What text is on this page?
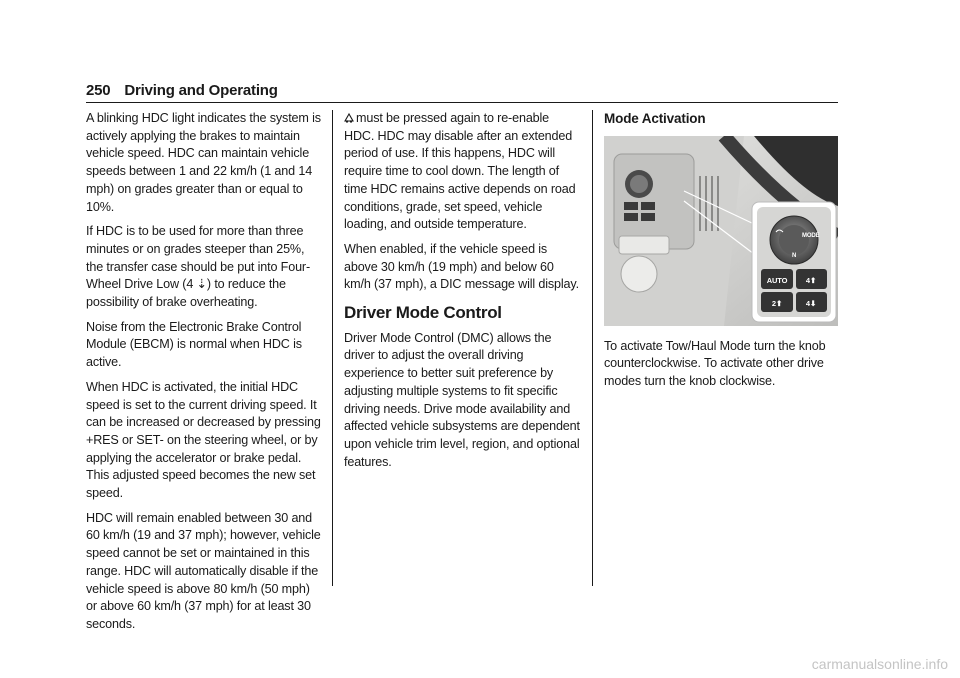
250 Driving and Operating

A blinking HDC light indicates the system is actively applying the brakes to maintain vehicle speed. HDC can maintain vehicle speeds between 1 and 22 km/h (1 and 14 mph) on grades greater than or equal to 10%.

If HDC is to be used for more than three minutes or on grades steeper than 25%, the transfer case should be put into Four-Wheel Drive Low (4 ⇣) to reduce the possibility of brake overheating.

Noise from the Electronic Brake Control Module (EBCM) is normal when HDC is active.

When HDC is activated, the initial HDC speed is set to the current driving speed. It can be increased or decreased by pressing +RES or SET- on the steering wheel, or by applying the accelerator or brake pedal. This adjusted speed becomes the new set speed.

HDC will remain enabled between 30 and 60 km/h (19 and 37 mph); however, vehicle speed cannot be set or maintained in this range. HDC will automatically disable if the vehicle speed is above 80 km/h (50 mph) or above 60 km/h (37 mph) for at least 30 seconds.

must be pressed again to re-enable HDC. HDC may disable after an extended period of use. If this happens, HDC will require time to cool down. The length of time HDC remains active depends on road conditions, grade, set speed, vehicle loading, and outside temperature.

When enabled, if the vehicle speed is above 30 km/h (19 mph) and below 60 km/h (37 mph), a DIC message will display.

Driver Mode Control

Driver Mode Control (DMC) allows the driver to adjust the overall driving experience to better suit preference by adjusting multiple systems to fit specific driving needs. Drive mode availability and affected vehicle subsystems are dependent upon vehicle trim level, region, and optional features.

Mode Activation
MODE
N
AUTO 4⬆
2⬆	4⬇

To activate Tow/Haul Mode turn the knob counterclockwise. To activate other drive modes turn the knob clockwise.

carmanualsonline.info
